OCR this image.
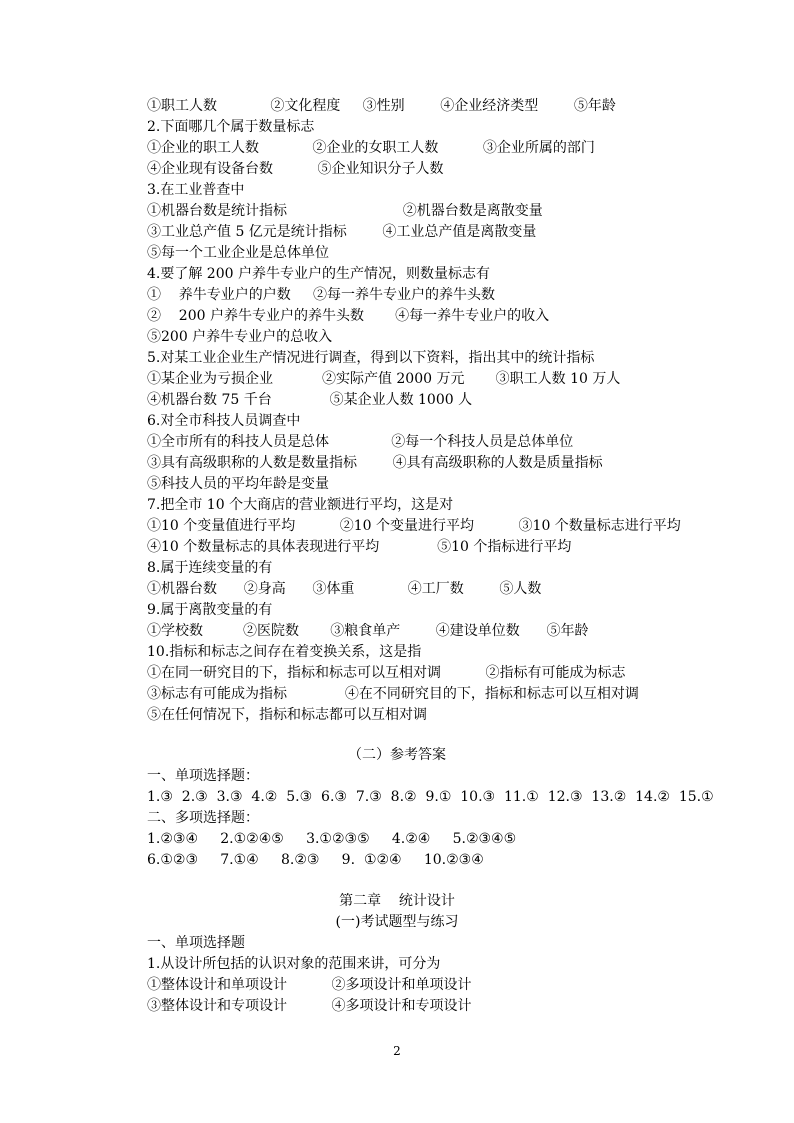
①职工人数            ②文化程度     ③性别        ④企业经济类型        ⑤年龄
2.下面哪几个属于数量标志
①企业的职工人数            ②企业的女职工人数          ③企业所属的部门
④企业现有设备台数          ⑤企业知识分子人数
3.在工业普查中
①机器台数是统计指标                          ②机器台数是离散变量
③工业总产值 5 亿元是统计指标        ④工业总产值是离散变量
⑤每一个工业企业是总体单位
4.要了解 200 户养牛专业户的生产情况，则数量标志有
①    养牛专业户的户数     ②每一养牛专业户的养牛头数
②    200 户养牛专业户的养牛头数       ④每一养牛专业户的收入
⑤200 户养牛专业户的总收入
5.对某工业企业生产情况进行调查，得到以下资料，指出其中的统计指标
①某企业为亏损企业           ②实际产值 2000 万元       ③职工人数 10 万人
④机器台数 75 千台             ⑤某企业人数 1000 人
6.对全市科技人员调查中
①全市所有的科技人员是总体              ②每一个科技人员是总体单位
③具有高级职称的人数是数量指标        ④具有高级职称的人数是质量指标
⑤科技人员的平均年龄是变量
7.把全市 10 个大商店的营业额进行平均，这是对
①10 个变量值进行平均          ②10 个变量进行平均          ③10 个数量标志进行平均
④10 个数量标志的具体表现进行平均             ⑤10 个指标进行平均
8.属于连续变量的有
①机器台数      ②身高      ③体重            ④工厂数        ⑤人数
9.属于离散变量的有
①学校数         ②医院数       ③粮食单产        ④建设单位数      ⑤年龄
10.指标和标志之间存在着变换关系，这是指
①在同一研究目的下，指标和标志可以互相对调          ②指标有可能成为标志
③标志有可能成为指标             ④在不同研究目的下，指标和标志可以互相对调
⑤在任何情况下，指标和标志都可以互相对调
（二）参考答案
一、单项选择题：
1.③  2.③  3.③  4.②  5.③  6.③  7.③  8.②  9.①  10.③  11.①  12.③  13.②  14.②  15.①
二、多项选择题：
1.②③④     2.①②④⑤     3.①②③⑤     4.②④     5.②③④⑤
6.①②③     7.①④     8.②③     9.  ①②④     10.②③④
第二章    统计设计
(一)考试题型与练习
一、单项选择题
1.从设计所包括的认识对象的范围来讲，可分为
①整体设计和单项设计          ②多项设计和单项设计
③整体设计和专项设计          ④多项设计和专项设计
2
